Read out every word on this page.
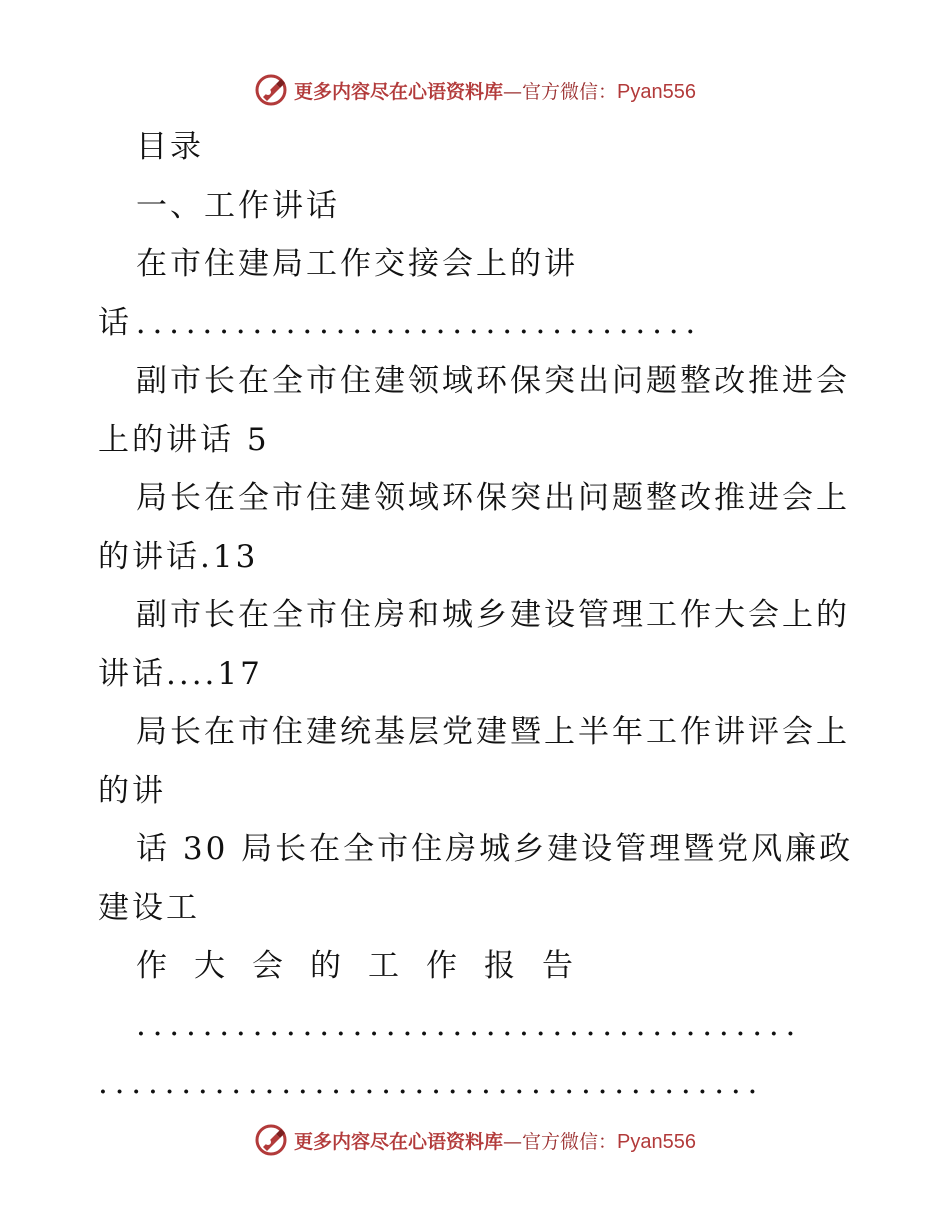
更多内容尽在心语资料库—官方微信：Pyan556
目录
一、工作讲话
在市住建局工作交接会上的讲
话..................................
副市长在全市住建领域环保突出问题整改推进会
上的讲话 5
局长在全市住建领域环保突出问题整改推进会上
的讲话.13
副市长在全市住房和城乡建设管理工作大会上的
讲话....17
局长在市住建统基层党建暨上半年工作讲评会上
的讲
话 30 局长在全市住房城乡建设管理暨党风廉政
建设工
作大会的工作报告
........................................
........................................
更多内容尽在心语资料库—官方微信：Pyan556
